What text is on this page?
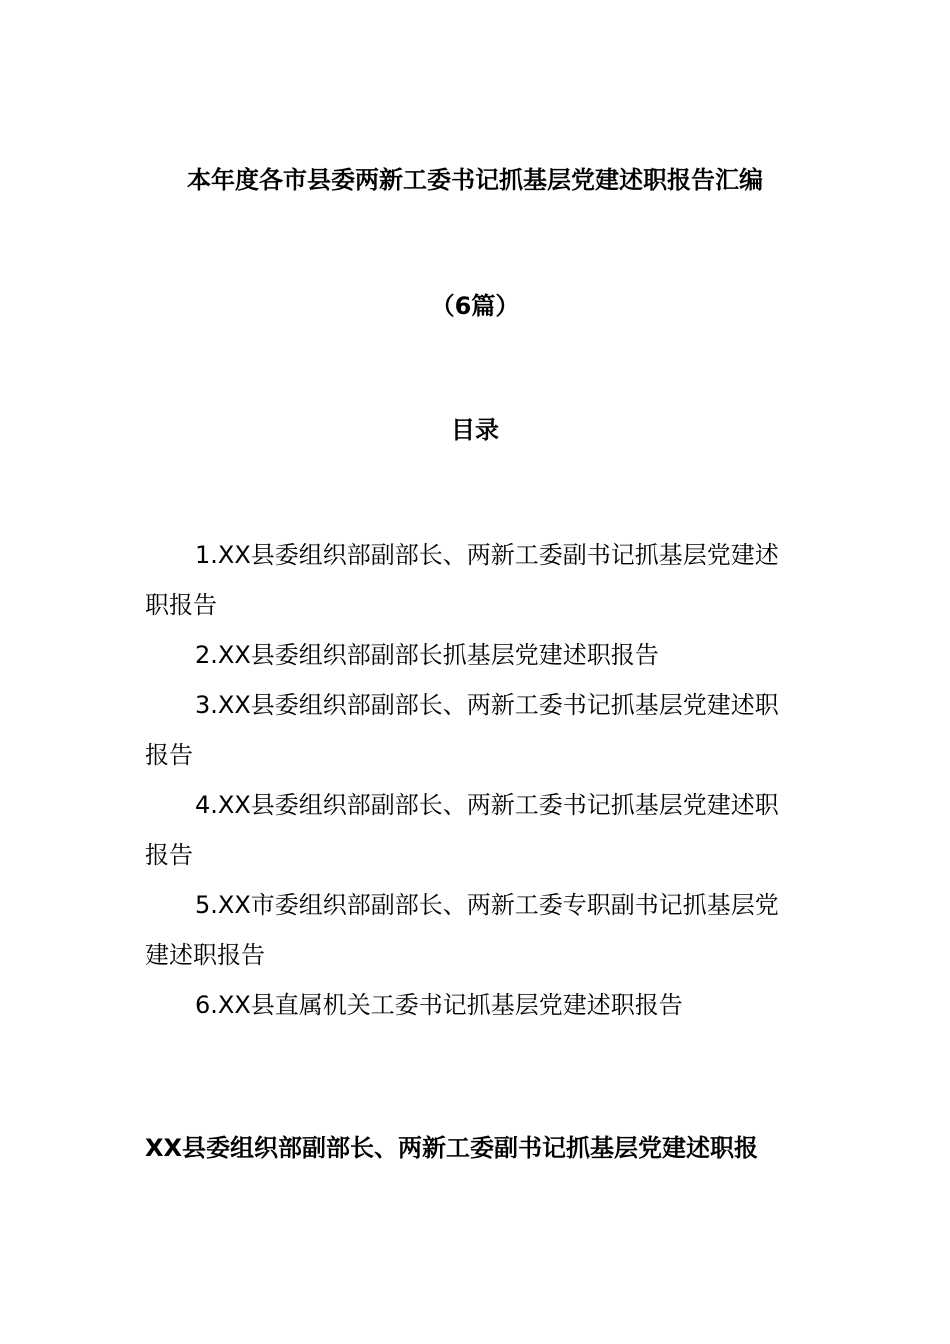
本年度各市县委两新工委书记抓基层党建述职报告汇编
（6篇）
目录
1.XX县委组织部副部长、两新工委副书记抓基层党建述职报告
2.XX县委组织部副部长抓基层党建述职报告
3.XX县委组织部副部长、两新工委书记抓基层党建述职报告
4.XX县委组织部副部长、两新工委书记抓基层党建述职报告
5.XX市委组织部副部长、两新工委专职副书记抓基层党建述职报告
6.XX县直属机关工委书记抓基层党建述职报告
XX县委组织部副部长、两新工委副书记抓基层党建述职报
